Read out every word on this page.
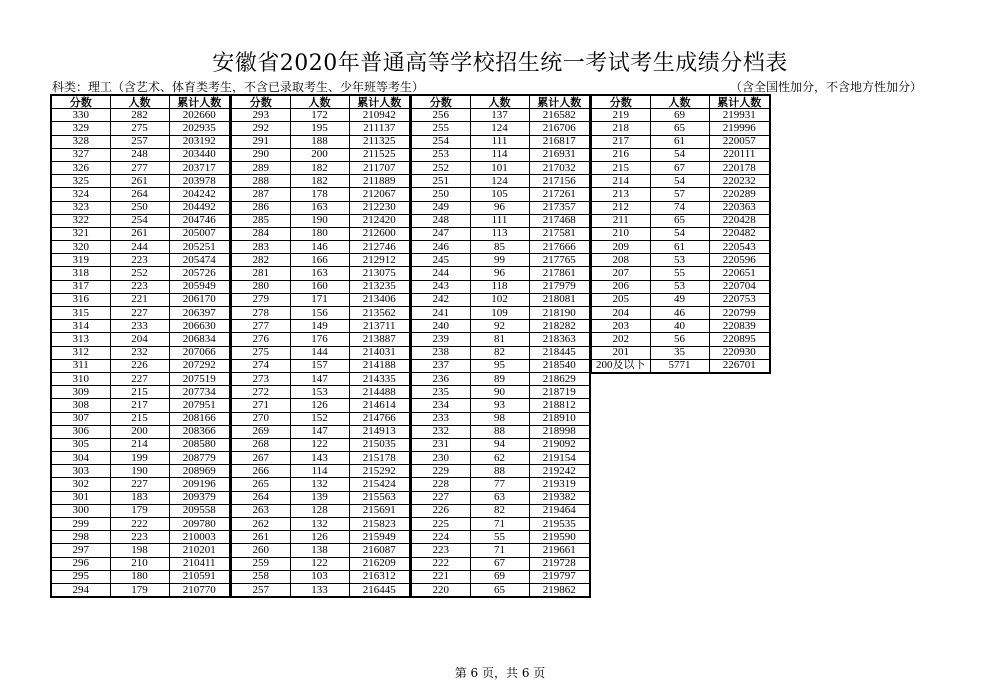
安徽省2020年普通高等学校招生统一考试考生成绩分档表
科类：理工（含艺术、体育类考生，不含已录取考生、少年班等考生）	（含全国性加分，不含地方性加分）
分数	人数	累计人数
330	282	202660
329	275	202935
328	257	203192
327	248	203440
326	277	203717
325	261	203978
324	264	204242
323	250	204492
322	254	204746
321	261	205007
320	244	205251
319	223	205474
318	252	205726
317	223	205949
316	221	206170
315	227	206397
314	233	206630
313	204	206834
312	232	207066
311	226	207292
310	227	207519
309	215	207734
308	217	207951
307	215	208166
306	200	208366
305	214	208580
304	199	208779
303	190	208969
302	227	209196
301	183	209379
300	179	209558
299	222	209780
298	223	210003
297	198	210201
296	210	210411
295	180	210591
294	179	210770
分数	人数	累计人数
293	172	210942
292	195	211137
291	188	211325
290	200	211525
289	182	211707
288	182	211889
287	178	212067
286	163	212230
285	190	212420
284	180	212600
283	146	212746
282	166	212912
281	163	213075
280	160	213235
279	171	213406
278	156	213562
277	149	213711
276	176	213887
275	144	214031
274	157	214188
273	147	214335
272	153	214488
271	126	214614
270	152	214766
269	147	214913
268	122	215035
267	143	215178
266	114	215292
265	132	215424
264	139	215563
263	128	215691
262	132	215823
261	126	215949
260	138	216087
259	122	216209
258	103	216312
257	133	216445
分数	人数	累计人数
256	137	216582
255	124	216706
254	111	216817
253	114	216931
252	101	217032
251	124	217156
250	105	217261
249	96	217357
248	111	217468
247	113	217581
246	85	217666
245	99	217765
244	96	217861
243	118	217979
242	102	218081
241	109	218190
240	92	218282
239	81	218363
238	82	218445
237	95	218540
236	89	218629
235	90	218719
234	93	218812
233	98	218910
232	88	218998
231	94	219092
230	62	219154
229	88	219242
228	77	219319
227	63	219382
226	82	219464
225	71	219535
224	55	219590
223	71	219661
222	67	219728
221	69	219797
220	65	219862
分数	人数	累计人数
219	69	219931
218	65	219996
217	61	220057
216	54	220111
215	67	220178
214	54	220232
213	57	220289
212	74	220363
211	65	220428
210	54	220482
209	61	220543
208	53	220596
207	55	220651
206	53	220704
205	49	220753
204	46	220799
203	40	220839
202	56	220895
201	35	220930
200及以下	5771	226701
第 6 页，共 6 页
